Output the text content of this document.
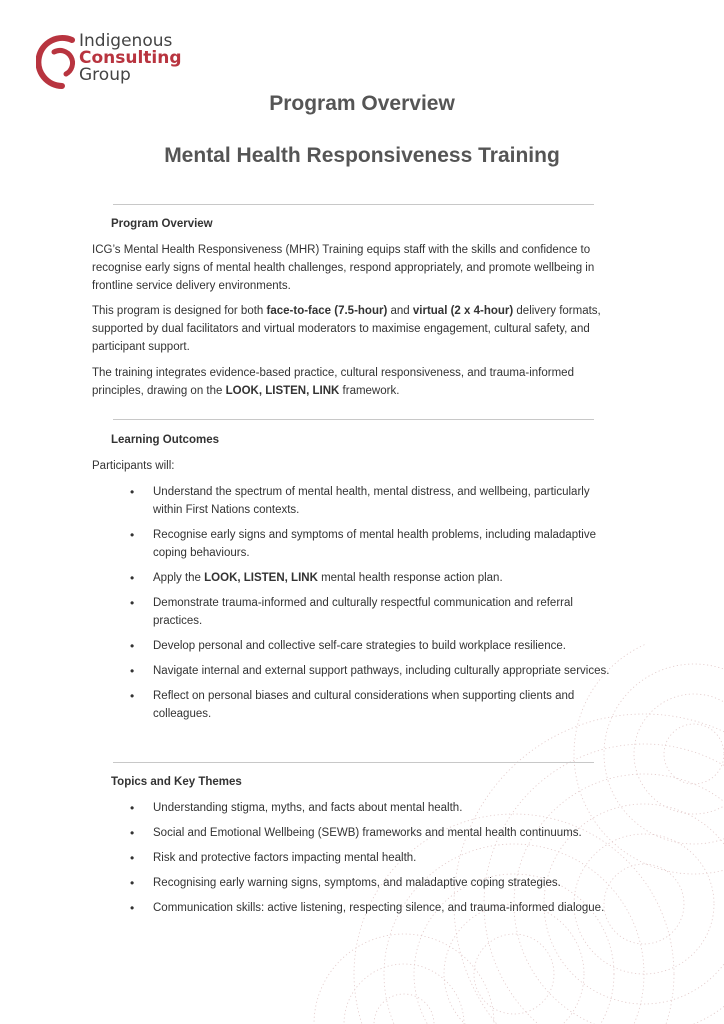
Indigenous
Consulting
Group
Program Overview
Mental Health Responsiveness Training
Program Overview
ICG’s Mental Health Responsiveness (MHR) Training equips staff with the skills and confidence to recognise early signs of mental health challenges, respond appropriately, and promote wellbeing in frontline service delivery environments.
This program is designed for both face-to-face (7.5-hour) and virtual (2 x 4-hour) delivery formats, supported by dual facilitators and virtual moderators to maximise engagement, cultural safety, and participant support.
The training integrates evidence-based practice, cultural responsiveness, and trauma-informed principles, drawing on the LOOK, LISTEN, LINK framework.
Learning Outcomes
Participants will:
• Understand the spectrum of mental health, mental distress, and wellbeing, particularly within First Nations contexts.
• Recognise early signs and symptoms of mental health problems, including maladaptive coping behaviours.
• Apply the LOOK, LISTEN, LINK mental health response action plan.
• Demonstrate trauma-informed and culturally respectful communication and referral practices.
• Develop personal and collective self-care strategies to build workplace resilience.
• Navigate internal and external support pathways, including culturally appropriate services.
• Reflect on personal biases and cultural considerations when supporting clients and colleagues.
Topics and Key Themes
• Understanding stigma, myths, and facts about mental health.
• Social and Emotional Wellbeing (SEWB) frameworks and mental health continuums.
• Risk and protective factors impacting mental health.
• Recognising early warning signs, symptoms, and maladaptive coping strategies.
• Communication skills: active listening, respecting silence, and trauma-informed dialogue.
